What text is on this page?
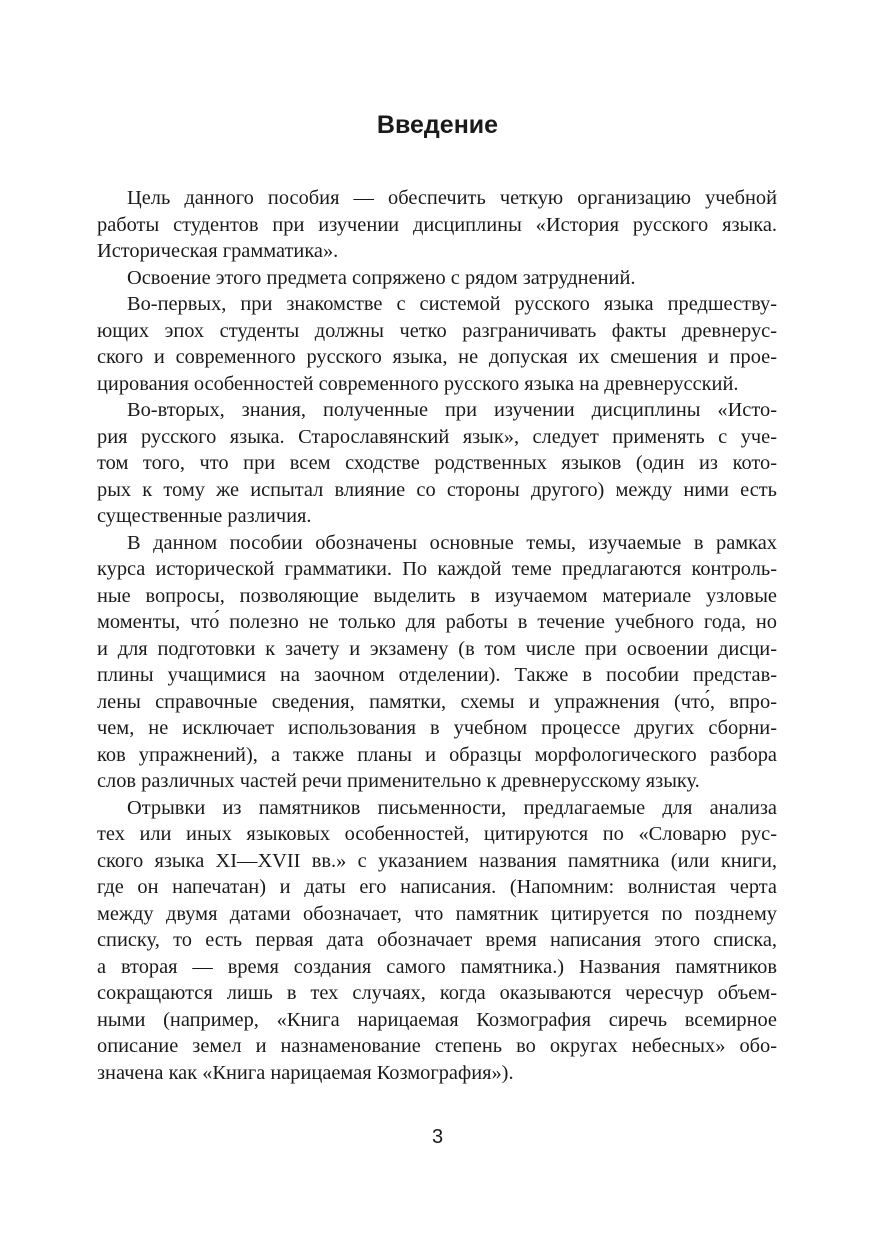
Введение

Цель данного пособия — обеспечить четкую организацию учебной
работы студентов при изучении дисциплины «История русского языка.
Историческая грамматика».

Освоение этого предмета сопряжено с рядом затруднений.

Во-первых, при знакомстве с системой русского языка предшеству-
ющих эпох студенты должны четко разграничивать факты древнерус-
ского и современного русского языка, не допуская их смешения и прое-
цирования особенностей современного русского языка на древнерусский.

Во-вторых, знания, полученные при изучении дисциплины «Исто-
рия русского языка. Старославянский язык», следует применять с уче-
том того, что при всем сходстве родственных языков (один из кото-
рых к тому же испытал влияние со стороны другого) между ними есть
существенные различия.

В данном пособии обозначены основные темы, изучаемые в рамках
курса исторической грамматики. По каждой теме предлагаются контроль-
ные вопросы, позволяющие выделить в изучаемом материале узловые
моменты, что́ полезно не только для работы в течение учебного года, но
и для подготовки к зачету и экзамену (в том числе при освоении дисци-
плины учащимися на заочном отделении). Также в пособии представ-
лены справочные сведения, памятки, схемы и упражнения (что́, впро-
чем, не исключает использования в учебном процессе других сборни-
ков упражнений), а также планы и образцы морфологического разбора
слов различных частей речи применительно к древнерусскому языку.

Отрывки из памятников письменности, предлагаемые для анализа
тех или иных языковых особенностей, цитируются по «Словарю рус-
ского языка XI—XVII вв.» с указанием названия памятника (или книги,
где он напечатан) и даты его написания. (Напомним: волнистая черта
между двумя датами обозначает, что памятник цитируется по позднему
списку, то есть первая дата обозначает время написания этого списка,
а вторая — время создания самого памятника.) Названия памятников
сокращаются лишь в тех случаях, когда оказываются чересчур объем-
ными (например, «Книга нарицаемая Козмография сиречь всемирное
описание земел и назнаменование степень во округах небесных» обо-
значена как «Книга нарицаемая Козмография»).

3
